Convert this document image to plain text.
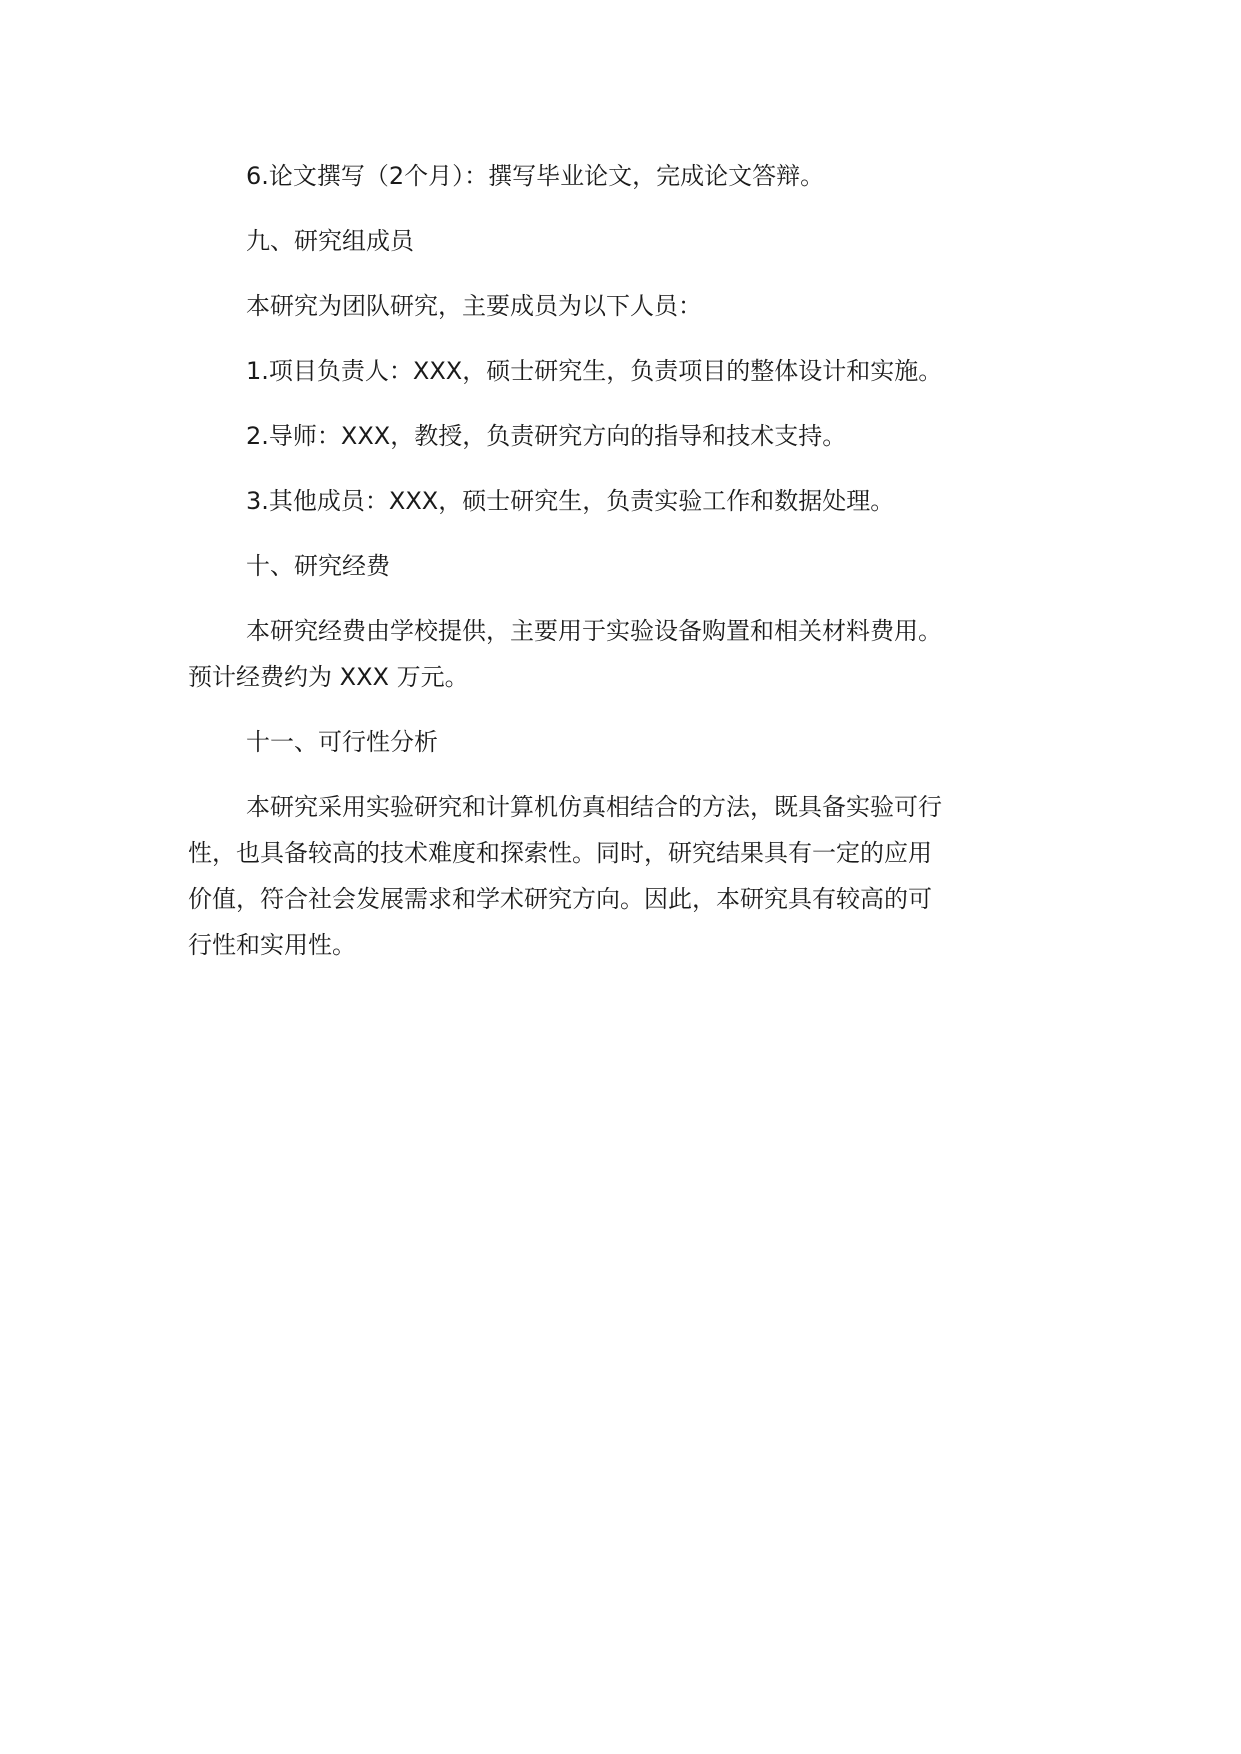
6.论文撰写（2个月）：撰写毕业论文，完成论文答辩。

九、研究组成员

本研究为团队研究，主要成员为以下人员：

1.项目负责人：XXX，硕士研究生，负责项目的整体设计和实施。

2.导师：XXX，教授，负责研究方向的指导和技术支持。

3.其他成员：XXX，硕士研究生，负责实验工作和数据处理。

十、研究经费

本研究经费由学校提供，主要用于实验设备购置和相关材料费用。

预计经费约为 XXX 万元。

十一、可行性分析

本研究采用实验研究和计算机仿真相结合的方法，既具备实验可行

性，也具备较高的技术难度和探索性。同时，研究结果具有一定的应用

价值，符合社会发展需求和学术研究方向。因此，本研究具有较高的可

行性和实用性。
